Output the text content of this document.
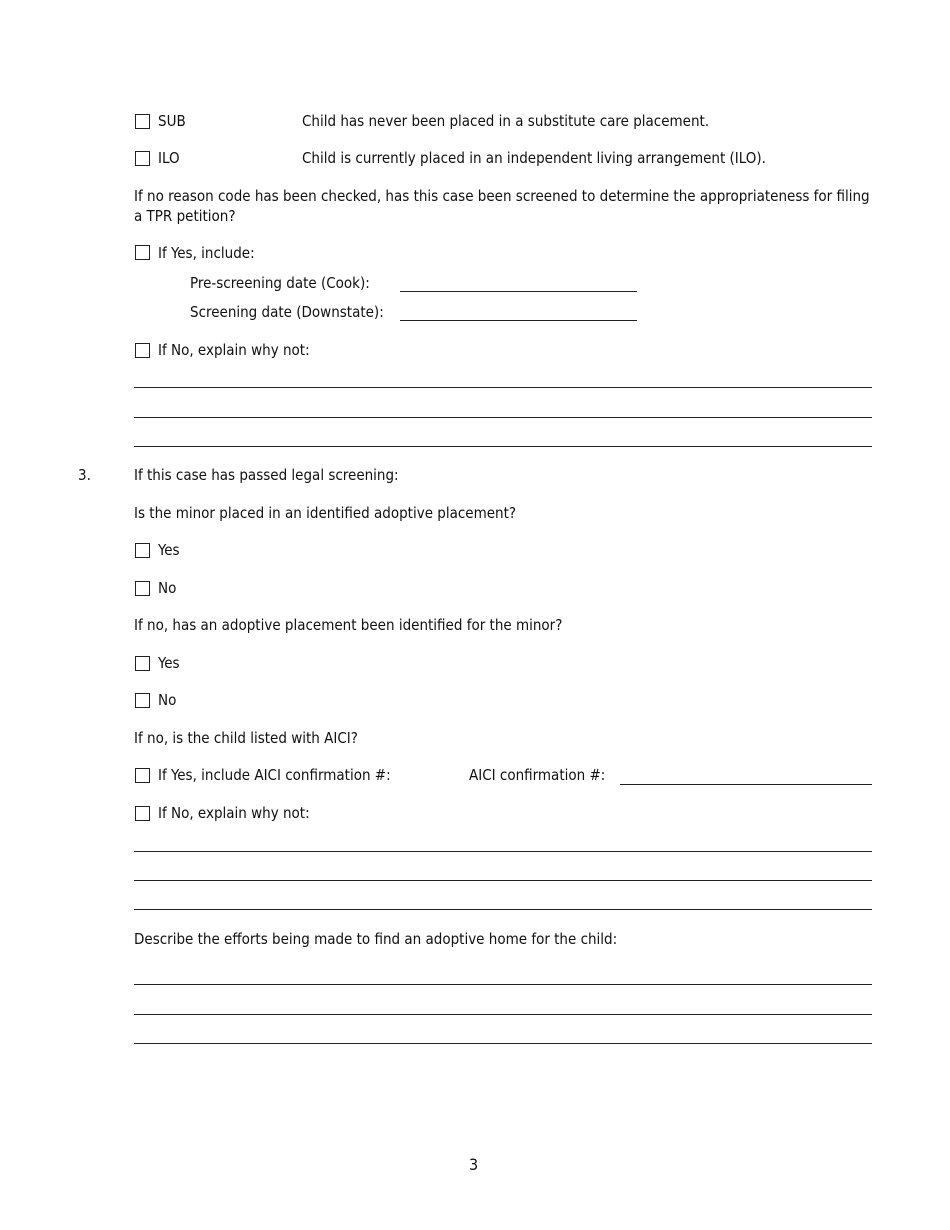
SUB	Child has never been placed in a substitute care placement.
ILO	Child is currently placed in an independent living arrangement (ILO).
If no reason code has been checked, has this case been screened to determine the appropriateness for filing a TPR petition?
If Yes, include:
Pre-screening date (Cook):
Screening date (Downstate):
If No, explain why not:
3.	If this case has passed legal screening:
Is the minor placed in an identified adoptive placement?
Yes
No
If no, has an adoptive placement been identified for the minor?
Yes
No
If no, is the child listed with AICI?
If Yes, include AICI confirmation #:	AICI confirmation #:
If No, explain why not:
Describe the efforts being made to find an adoptive home for the child:
3
